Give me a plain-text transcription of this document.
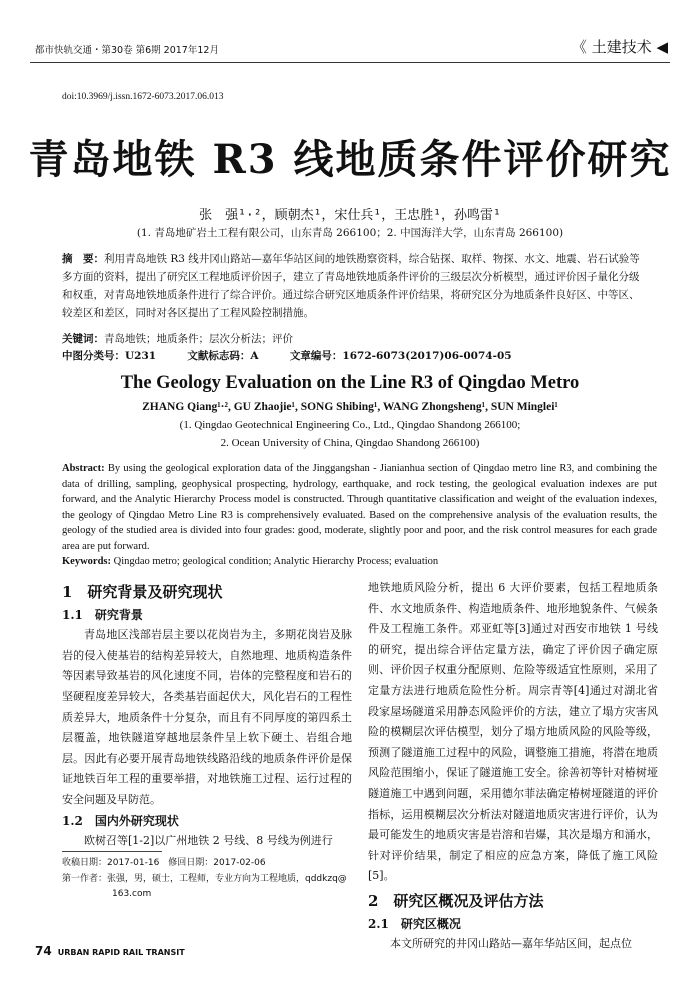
都市快轨交通・第30卷 第6期 2017年12月	《 土建技术 ◀
doi:10.3969/j.issn.1672-6073.2017.06.013
青岛地铁 R3 线地质条件评价研究
张　强¹·²，顾朝杰¹，宋仕兵¹，王忠胜¹，孙鸣雷¹
(1. 青岛地矿岩土工程有限公司，山东青岛 266100；2. 中国海洋大学，山东青岛 266100)
摘　要：利用青岛地铁 R3 线井冈山路站—嘉年华站区间的地铁勘察资料，综合钻探、取样、物探、水文、地震、岩石试验等多方面的资料，提出了研究区工程地质评价因子，建立了青岛地铁地质条件评价的三级层次分析模型，通过评价因子量化分级和权重，对青岛地铁地质条件进行了综合评价。通过综合研究区地质条件评价结果，将研究区分为地质条件良好区、中等区、较差区和差区，同时对各区提出了工程风险控制措施。
关键词：青岛地铁；地质条件；层次分析法；评价
中图分类号：U231	文献标志码：A	文章编号：1672-6073(2017)06-0074-05
The Geology Evaluation on the Line R3 of Qingdao Metro
ZHANG Qiang¹·², GU Zhaojie¹, SONG Shibing¹, WANG Zhongsheng¹, SUN Minglei¹
(1. Qingdao Geotechnical Engineering Co., Ltd., Qingdao Shandong 266100;
2. Ocean University of China, Qingdao Shandong 266100)
Abstract: By using the geological exploration data of the Jinggangshan - Jianianhua section of Qingdao metro line R3, and combining the data of drilling, sampling, geophysical prospecting, hydrology, earthquake, and rock testing, the geological evaluation indexes are put forward, and the Analytic Hierarchy Process model is constructed. Through quantitative classification and weight of the evaluation indexes, the geology of Qingdao Metro Line R3 is comprehensively evaluated. Based on the comprehensive analysis of the evaluation results, the geology of the studied area is divided into four grades: good, moderate, slightly poor and poor, and the risk control measures for each grade area are put forward.
Keywords: Qingdao metro; geological condition; Analytic Hierarchy Process; evaluation
1　研究背景及研究现状
1.1　研究背景

青岛地区浅部岩层主要以花岗岩为主，多期花岗岩及脉岩的侵入使基岩的结构差异较大，自然地理、地质构造条件等因素导致基岩的风化速度不同，岩体的完整程度和岩石的坚硬程度差异较大，各类基岩面起伏大，风化岩石的工程性质差异大，地质条件十分复杂，而且有不同厚度的第四系土层覆盖，地铁隧道穿越地层条件呈上软下硬土、岩组合地层。因此有必要开展青岛地铁线路沿线的地质条件评价是保证地铁百年工程的重要举措，对地铁施工过程、运行过程的安全问题及早防范。

1.2　国内外研究现状

欧树召等[1-2]以广州地铁 2 号线、8 号线为例进行

地铁地质风险分析，提出 6 大评价要素，包括工程地质条件、水文地质条件、构造地质条件、地形地貌条件、气候条件及工程施工条件。邓亚虹等[3]通过对西安市地铁 1 号线的研究，提出综合评估定量方法，确定了评价因子确定原则、评价因子权重分配原则、危险等级适宜性原则，采用了定量方法进行地质危险性分析。周宗青等[4]通过对湖北省段家屋场隧道采用静态风险评价的方法，建立了塌方灾害风险的模糊层次评估模型，划分了塌方地质风险的风险等级，预测了隧道施工过程中的风险，调整施工措施，将潜在地质风险范围缩小，保证了隧道施工安全。徐善初等针对椿树垭隧道施工中遇到问题，采用德尔菲法确定椿树垭隧道的评价指标，运用模糊层次分析法对隧道地质灾害进行评价，认为最可能发生的地质灾害是岩溶和岩爆，其次是塌方和涌水，针对评价结果，制定了相应的应急方案，降低了施工风险[5]。

2　研究区概况及评估方法
2.1　研究区概况

本文所研究的井冈山路站—嘉年华站区间，起点位

收稿日期：2017-01-16　修回日期：2017-02-06
第一作者：张强，男，硕士，工程师，专业方向为工程地质，qddkzq@
163.com
74 URBAN RAPID RAIL TRANSIT
